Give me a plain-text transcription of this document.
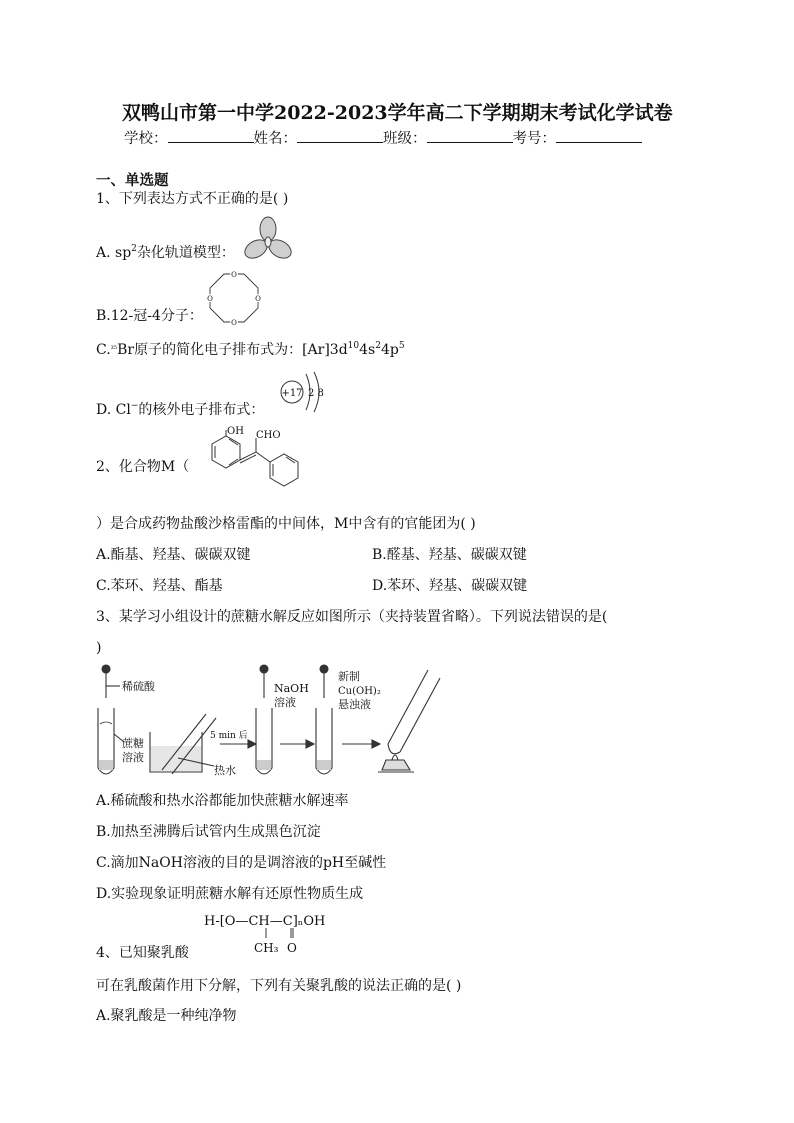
双鸭山市第一中学2022-2023学年高二下学期期末考试化学试卷
学校：	姓名：	班级：	考号：
一、单选题
1、下列表达方式不正确的是( )
A. $sp^2$杂化轨道模型：
B.12-冠-4分子：
O
O
O
O
C.$^{_{35}}$Br原子的简化电子排布式为：$[Ar]3d^{10}4s^24p^5$
D. Cl−的核外电子排布式：
+17 2 8
2、化合物M（
OH CHO
）是合成药物盐酸沙格雷酯的中间体，M中含有的官能团为( )
A.酯基、羟基、碳碳双键	B.醛基、羟基、碳碳双键
C.苯环、羟基、酯基	D.苯环、羟基、碳碳双键
3、某学习小组设计的蔗糖水解反应如图所示（夹持装置省略）。下列说法错误的是(
)
稀硫酸
蔗糖
溶液
5 min 后
热水
NaOH
溶液
新制
Cu(OH)₂
悬浊液
A.稀硫酸和热水浴都能加快蔗糖水解速率
B.加热至沸腾后试管内生成黑色沉淀
C.滴加NaOH溶液的目的是调溶液的pH至碱性
D.实验现象证明蔗糖水解有还原性物质生成
4、已知聚乳酸
H-[O—CH—C]ₙOH
CH₃ O
可在乳酸菌作用下分解，下列有关聚乳酸的说法正确的是( )
A.聚乳酸是一种纯净物
